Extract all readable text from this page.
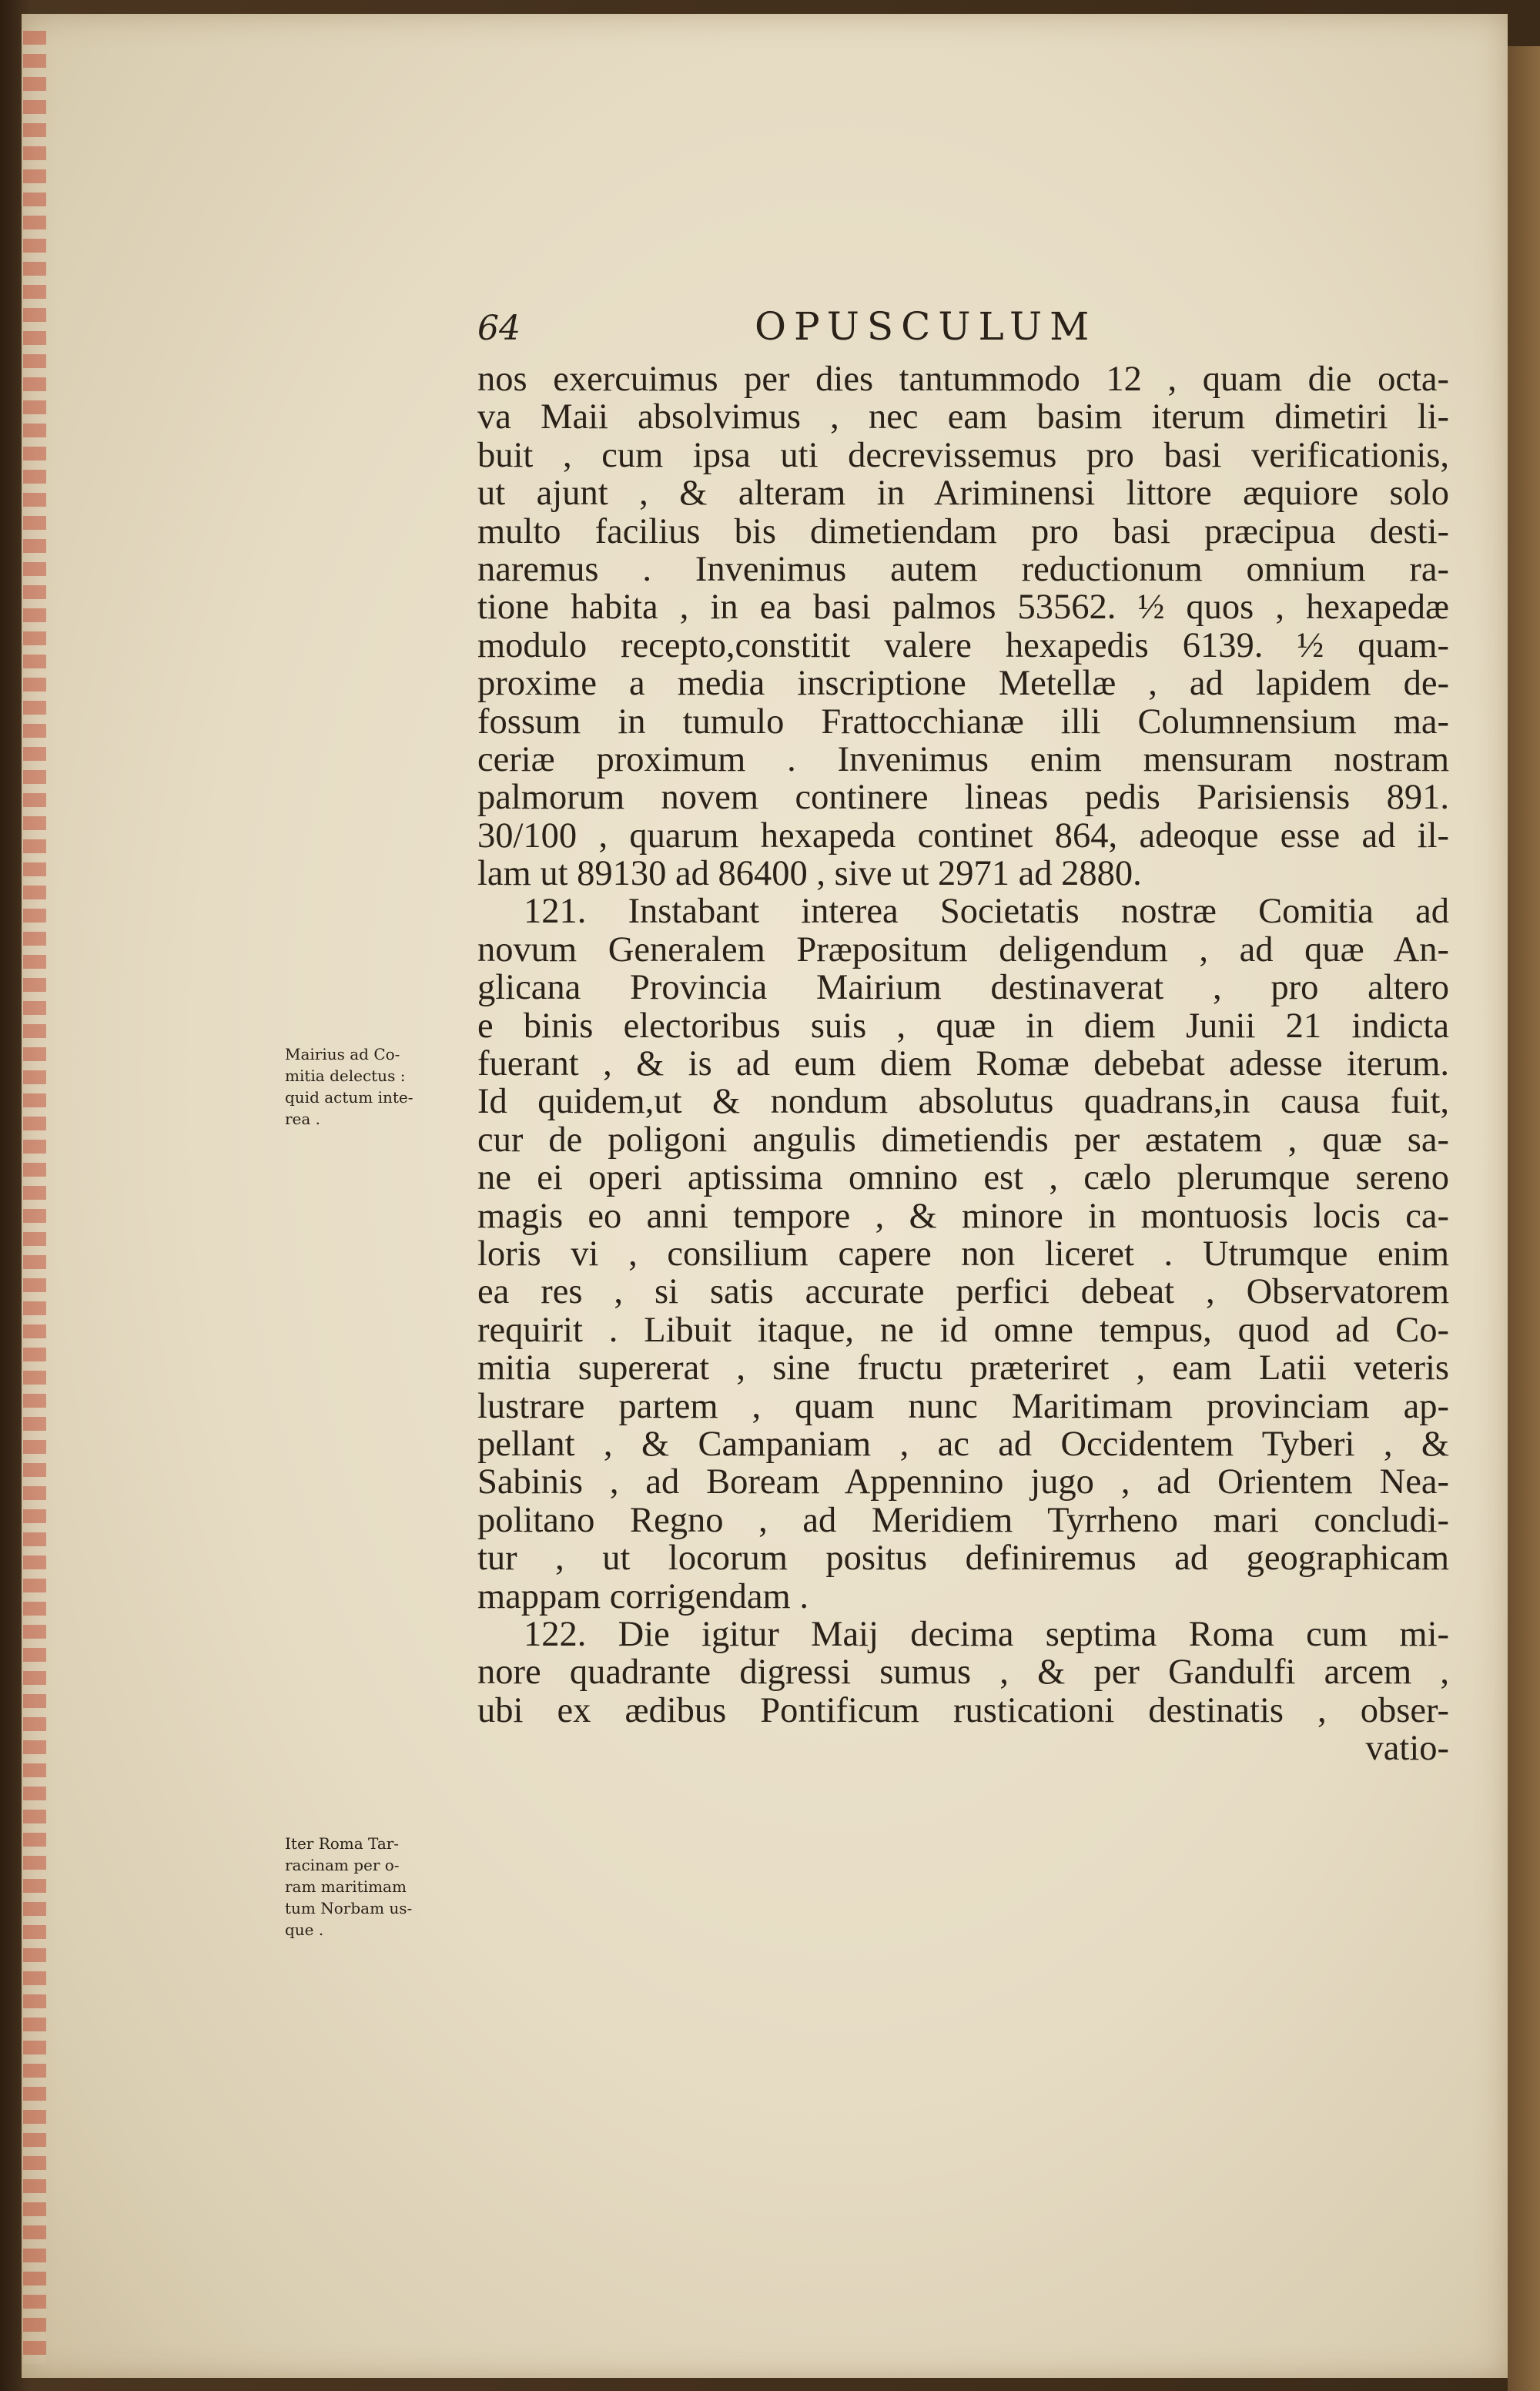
64	OPUSCULUM
nos exercuimus per dies tantummodo 12 , quam die octa-
va Maii absolvimus , nec eam basim iterum dimetiri li-
buit , cum ipsa uti decrevissemus pro basi verificationis,
ut ajunt , & alteram in Ariminensi littore æquiore solo
multo facilius bis dimetiendam pro basi præcipua desti-
naremus . Invenimus autem reductionum omnium ra-
tione habita , in ea basi palmos 53562. ½ quos , hexapedæ
modulo recepto,constitit valere hexapedis 6139. ½ quam-
proxime a media inscriptione Metellæ , ad lapidem de-
fossum in tumulo Frattocchianæ illi Columnensium ma-
ceriæ proximum . Invenimus enim mensuram nostram
palmorum novem continere lineas pedis Parisiensis 891.
30/100 , quarum hexapeda continet 864, adeoque esse ad il-
lam ut 89130 ad 86400 , sive ut 2971 ad 2880.
121. Instabant interea Societatis nostræ Comitia ad
novum Generalem Præpositum deligendum , ad quæ An-
glicana Provincia Mairium destinaverat , pro altero
e binis electoribus suis , quæ in diem Junii 21 indicta
fuerant , & is ad eum diem Romæ debebat adesse iterum.
Id quidem,ut & nondum absolutus quadrans,in causa fuit,
cur de poligoni angulis dimetiendis per æstatem , quæ sa-
ne ei operi aptissima omnino est , cælo plerumque sereno
magis eo anni tempore , & minore in montuosis locis ca-
loris vi , consilium capere non liceret . Utrumque enim
ea res , si satis accurate perfici debeat , Observatorem
requirit . Libuit itaque, ne id omne tempus, quod ad Co-
mitia supererat , sine fructu præteriret , eam Latii veteris
lustrare partem , quam nunc Maritimam provinciam ap-
pellant , & Campaniam , ac ad Occidentem Tyberi , &
Sabinis , ad Boream Appennino jugo , ad Orientem Nea-
politano Regno , ad Meridiem Tyrrheno mari concludi-
tur , ut locorum positus definiremus ad geographicam
mappam corrigendam .
122. Die igitur Maij decima septima Roma cum mi-
nore quadrante digressi sumus , & per Gandulfi arcem ,
ubi ex ædibus Pontificum rusticationi destinatis , obser-
vatio-
Mairius ad Co-
mitia delectus :
quid actum inte-
rea .
Iter Roma Tar-
racinam per o-
ram maritimam
tum Norbam us-
que .
